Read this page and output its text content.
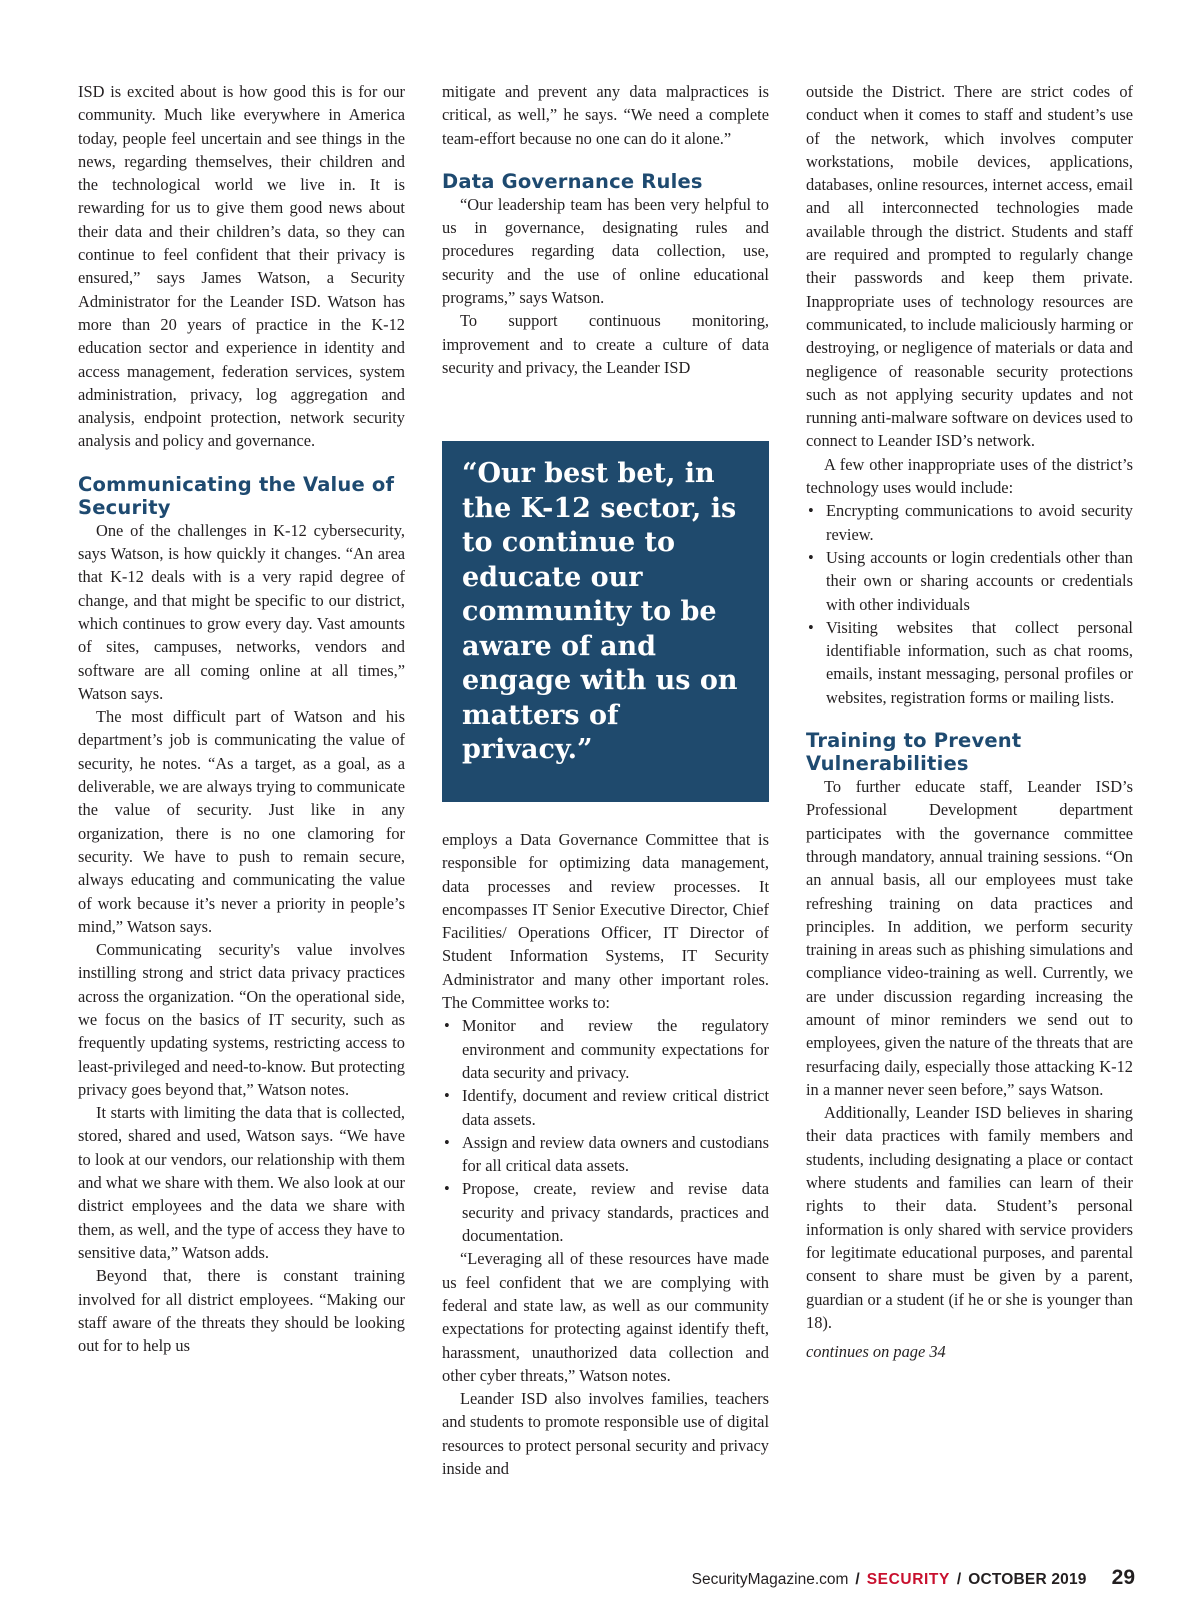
ISD is excited about is how good this is for our community. Much like everywhere in America today, people feel uncertain and see things in the news, regarding themselves, their children and the technological world we live in. It is rewarding for us to give them good news about their data and their children’s data, so they can continue to feel confident that their privacy is ensured,” says James Watson, a Security Administrator for the Leander ISD. Watson has more than 20 years of practice in the K-12 education sector and experience in identity and access management, federation services, system administration, privacy, log aggregation and analysis, endpoint protection, network security analysis and policy and governance.

Communicating the Value of Security

One of the challenges in K-12 cybersecurity, says Watson, is how quickly it changes. “An area that K-12 deals with is a very rapid degree of change, and that might be specific to our district, which continues to grow every day. Vast amounts of sites, campuses, networks, vendors and software are all coming online at all times,” Watson says.

The most difficult part of Watson and his department’s job is communicating the value of security, he notes. “As a target, as a goal, as a deliverable, we are always trying to communicate the value of security. Just like in any organization, there is no one clamoring for security. We have to push to remain secure, always educating and communicating the value of work because it’s never a priority in people’s mind,” Watson says.

Communicating security's value involves instilling strong and strict data privacy practices across the organization. “On the operational side, we focus on the basics of IT security, such as frequently updating systems, restricting access to least-privileged and need-to-know. But protecting privacy goes beyond that,” Watson notes.

It starts with limiting the data that is collected, stored, shared and used, Watson says. “We have to look at our vendors, our relationship with them and what we share with them. We also look at our district employees and the data we share with them, as well, and the type of access they have to sensitive data,” Watson adds.

Beyond that, there is constant training involved for all district employees. “Making our staff aware of the threats they should be looking out for to help us

mitigate and prevent any data malpractices is critical, as well,” he says. “We need a complete team-effort because no one can do it alone.”

Data Governance Rules

“Our leadership team has been very helpful to us in governance, designating rules and procedures regarding data collection, use, security and the use of online educational programs,” says Watson.

To support continuous monitoring, improvement and to create a culture of data security and privacy, the Leander ISD

“Our best bet, in the K-12 sector, is to continue to educate our community to be aware of and engage with us on matters of privacy.”

employs a Data Governance Committee that is responsible for optimizing data management, data processes and review processes. It encompasses IT Senior Executive Director, Chief Facilities/ Operations Officer, IT Director of Student Information Systems, IT Security Administrator and many other important roles. The Committee works to:

• Monitor and review the regulatory environment and community expectations for data security and privacy.
• Identify, document and review critical district data assets.
• Assign and review data owners and custodians for all critical data assets.
• Propose, create, review and revise data security and privacy standards, practices and documentation.

“Leveraging all of these resources have made us feel confident that we are complying with federal and state law, as well as our community expectations for protecting against identify theft, harassment, unauthorized data collection and other cyber threats,” Watson notes.

Leander ISD also involves families, teachers and students to promote responsible use of digital resources to protect personal security and privacy inside and

outside the District. There are strict codes of conduct when it comes to staff and student’s use of the network, which involves computer workstations, mobile devices, applications, databases, online resources, internet access, email and all interconnected technologies made available through the district. Students and staff are required and prompted to regularly change their passwords and keep them private. Inappropriate uses of technology resources are communicated, to include maliciously harming or destroying, or negligence of materials or data and negligence of reasonable security protections such as not applying security updates and not running anti-malware software on devices used to connect to Leander ISD’s network.

A few other inappropriate uses of the district’s technology uses would include:

• Encrypting communications to avoid security review.
• Using accounts or login credentials other than their own or sharing accounts or credentials with other individuals
• Visiting websites that collect personal identifiable information, such as chat rooms, emails, instant messaging, personal profiles or websites, registration forms or mailing lists.
Training to Prevent Vulnerabilities

To further educate staff, Leander ISD’s Professional Development department participates with the governance committee through mandatory, annual training sessions. “On an annual basis, all our employees must take refreshing training on data practices and principles. In addition, we perform security training in areas such as phishing simulations and compliance video-training as well. Currently, we are under discussion regarding increasing the amount of minor reminders we send out to employees, given the nature of the threats that are resurfacing daily, especially those attacking K-12 in a manner never seen before,” says Watson.

Additionally, Leander ISD believes in sharing their data practices with family members and students, including designating a place or contact where students and families can learn of their rights to their data. Student’s personal information is only shared with service providers for legitimate educational purposes, and parental consent to share must be given by a parent, guardian or a student (if he or she is younger than 18).

continues on page 34

SecurityMagazine.com / SECURITY / OCTOBER 2019 29
